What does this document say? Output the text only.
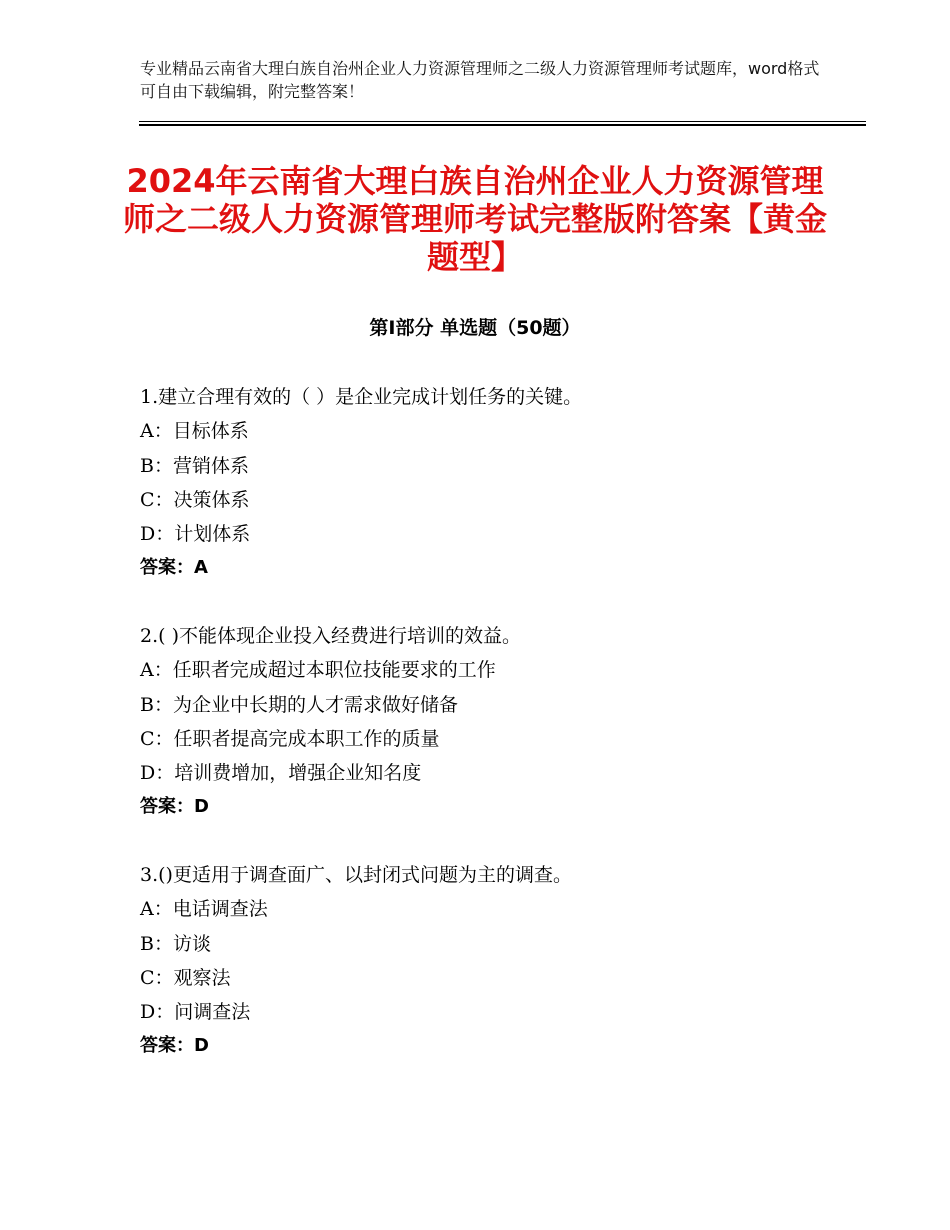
专业精品云南省大理白族自治州企业人力资源管理师之二级人力资源管理师考试题库，word格式可自由下载编辑，附完整答案！
2024年云南省大理白族自治州企业人力资源管理师之二级人力资源管理师考试完整版附答案【黄金题型】
第Ⅰ部分 单选题（50题）
1.建立合理有效的（ ）是企业完成计划任务的关键。
A：目标体系
B：营销体系
C：决策体系
D：计划体系
答案：A
2.( )不能体现企业投入经费进行培训的效益。
A：任职者完成超过本职位技能要求的工作
B：为企业中长期的人才需求做好储备
C：任职者提高完成本职工作的质量
D：培训费增加，增强企业知名度
答案：D
3.()更适用于调查面广、以封闭式问题为主的调查。
A：电话调查法
B：访谈
C：观察法
D：问调查法
答案：D
